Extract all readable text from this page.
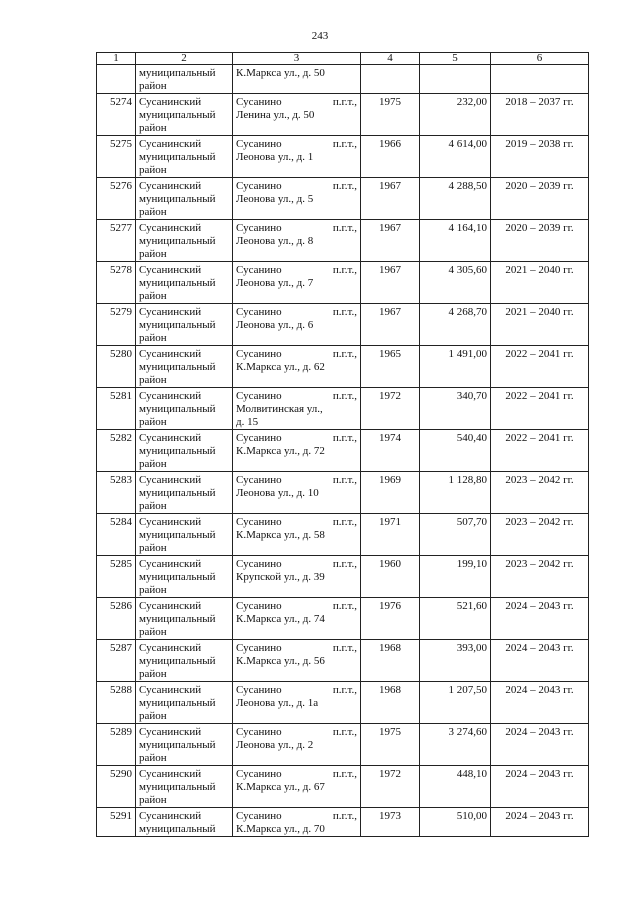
243
1	2	3	4	5	6

	муниципальный
район	К.Маркса ул., д. 50			
5274	Сусанинский
муниципальный
район	Сусанино п.г.т.,
Ленина ул., д. 50	1975	232,00	2018 – 2037 гг.
5275	Сусанинский
муниципальный
район	Сусанино п.г.т.,
Леонова ул., д. 1	1966	4 614,00	2019 – 2038 гг.
5276	Сусанинский
муниципальный
район	Сусанино п.г.т.,
Леонова ул., д. 5	1967	4 288,50	2020 – 2039 гг.
5277	Сусанинский
муниципальный
район	Сусанино п.г.т.,
Леонова ул., д. 8	1967	4 164,10	2020 – 2039 гг.
5278	Сусанинский
муниципальный
район	Сусанино п.г.т.,
Леонова ул., д. 7	1967	4 305,60	2021 – 2040 гг.
5279	Сусанинский
муниципальный
район	Сусанино п.г.т.,
Леонова ул., д. 6	1967	4 268,70	2021 – 2040 гг.
5280	Сусанинский
муниципальный
район	Сусанино п.г.т.,
К.Маркса ул., д. 62	1965	1 491,00	2022 – 2041 гг.
5281	Сусанинский
муниципальный
район	Сусанино п.г.т.,
Молвитинская ул.,
д. 15	1972	340,70	2022 – 2041 гг.
5282	Сусанинский
муниципальный
район	Сусанино п.г.т.,
К.Маркса ул., д. 72	1974	540,40	2022 – 2041 гг.
5283	Сусанинский
муниципальный
район	Сусанино п.г.т.,
Леонова ул., д. 10	1969	1 128,80	2023 – 2042 гг.
5284	Сусанинский
муниципальный
район	Сусанино п.г.т.,
К.Маркса ул., д. 58	1971	507,70	2023 – 2042 гг.
5285	Сусанинский
муниципальный
район	Сусанино п.г.т.,
Крупской ул., д. 39	1960	199,10	2023 – 2042 гг.
5286	Сусанинский
муниципальный
район	Сусанино п.г.т.,
К.Маркса ул., д. 74	1976	521,60	2024 – 2043 гг.
5287	Сусанинский
муниципальный
район	Сусанино п.г.т.,
К.Маркса ул., д. 56	1968	393,00	2024 – 2043 гг.
5288	Сусанинский
муниципальный
район	Сусанино п.г.т.,
Леонова ул., д. 1а	1968	1 207,50	2024 – 2043 гг.
5289	Сусанинский
муниципальный
район	Сусанино п.г.т.,
Леонова ул., д. 2	1975	3 274,60	2024 – 2043 гг.
5290	Сусанинский
муниципальный
район	Сусанино п.г.т.,
К.Маркса ул., д. 67	1972	448,10	2024 – 2043 гг.
5291	Сусанинский
муниципальный	Сусанино п.г.т.,
К.Маркса ул., д. 70	1973	510,00	2024 – 2043 гг.
